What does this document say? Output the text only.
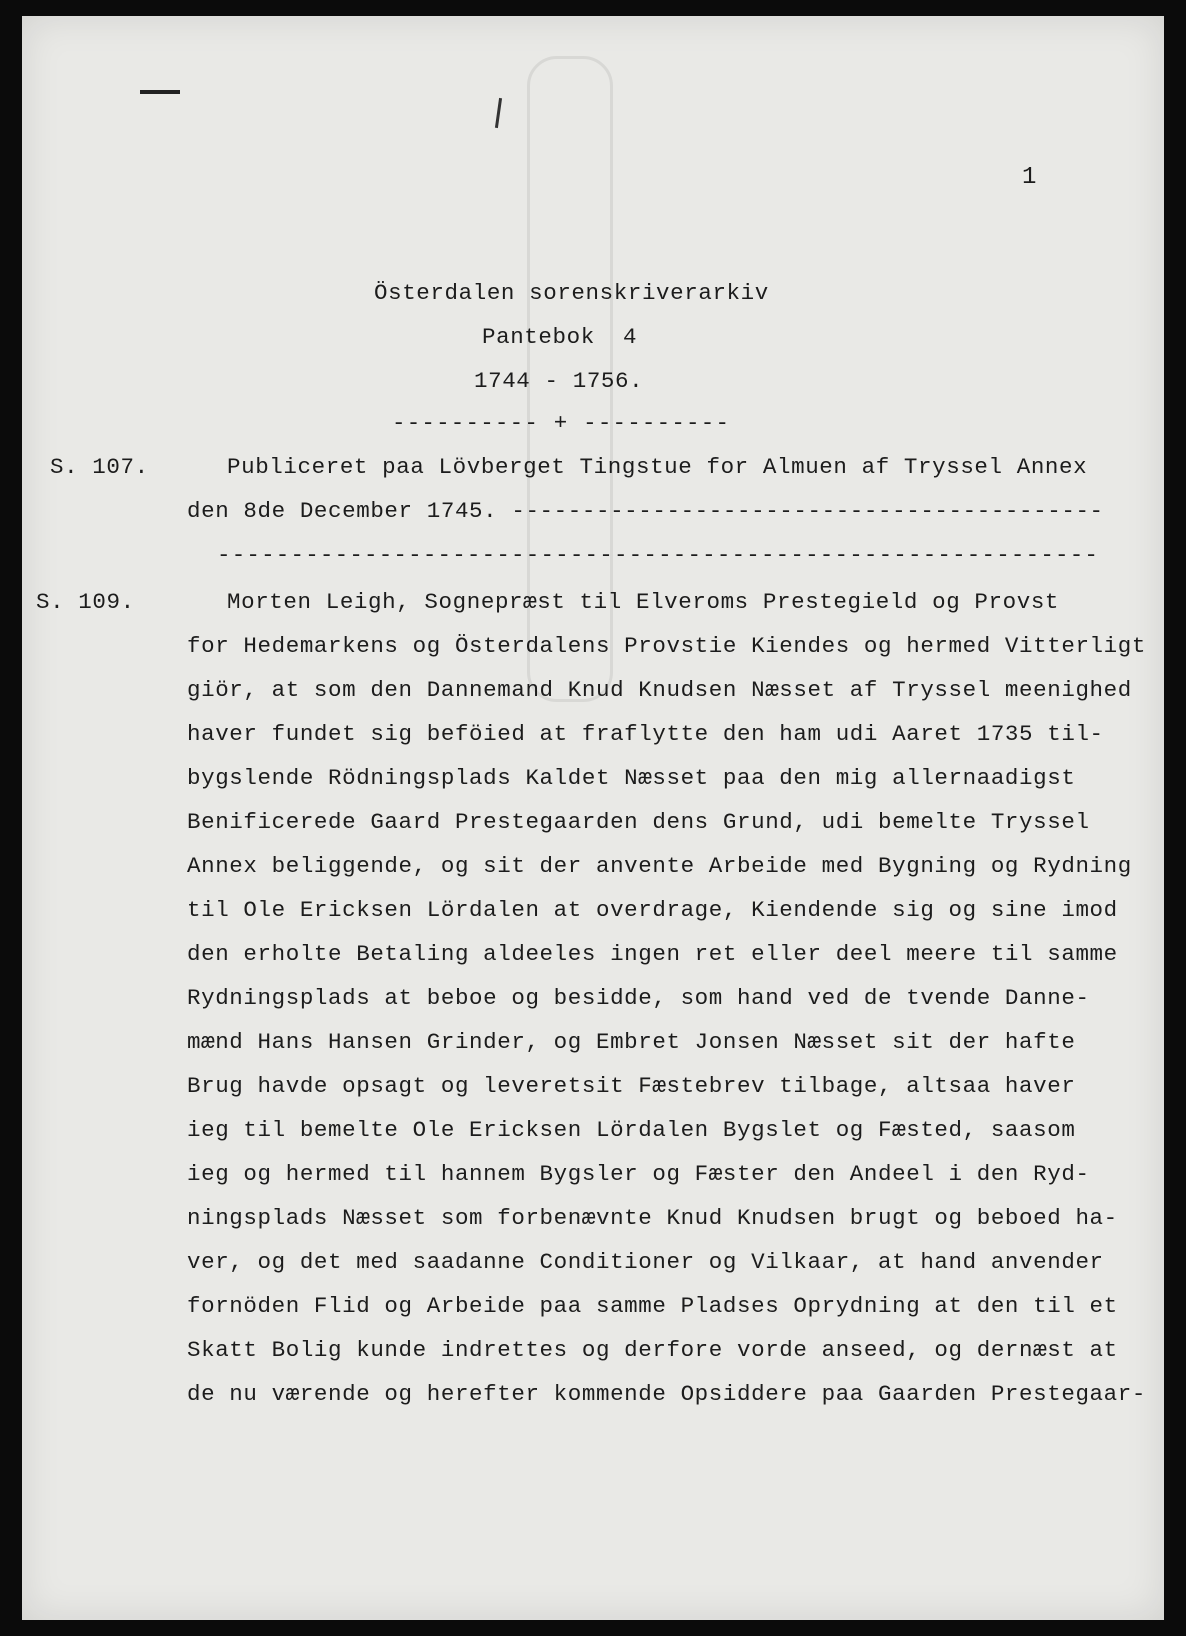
1
Österdalen sorenskriverarkiv
Pantebok  4
1744 - 1756.
---------- + ----------
S. 107.	Publiceret paa Lövberget Tingstue for Almuen af Tryssel Annex
den 8de December 1745. ------------------------------------------
------------------------------------------------------------
S. 109.	Morten Leigh, Sognepræst til Elveroms Prestegield og Provst
for Hedemarkens og Österdalens Provstie Kiendes og hermed Vitterligt
giör, at som den Dannemand Knud Knudsen Næsset af Tryssel meenighed
haver fundet sig beföied at fraflytte den ham udi Aaret 1735 til-
bygslende Rödningsplads Kaldet Næsset paa den mig allernaadigst
Benificerede Gaard Prestegaarden dens Grund, udi bemelte Tryssel
Annex beliggende, og sit der anvente Arbeide med Bygning og Rydning
til Ole Ericksen Lördalen at overdrage, Kiendende sig og sine imod
den erholte Betaling aldeeles ingen ret eller deel meere til samme
Rydningsplads at beboe og besidde, som hand ved de tvende Danne-
mænd Hans Hansen Grinder, og Embret Jonsen Næsset sit der hafte
Brug havde opsagt og leveretsit Fæstebrev tilbage, altsaa haver
ieg til bemelte Ole Ericksen Lördalen Bygslet og Fæsted, saasom
ieg og hermed til hannem Bygsler og Fæster den Andeel i den Ryd-
ningsplads Næsset som forbenævnte Knud Knudsen brugt og beboed ha-
ver, og det med saadanne Conditioner og Vilkaar, at hand anvender
fornöden Flid og Arbeide paa samme Pladses Oprydning at den til et
Skatt Bolig kunde indrettes og derfore vorde anseed, og dernæst at
de nu værende og herefter kommende Opsiddere paa Gaarden Prestegaar-
